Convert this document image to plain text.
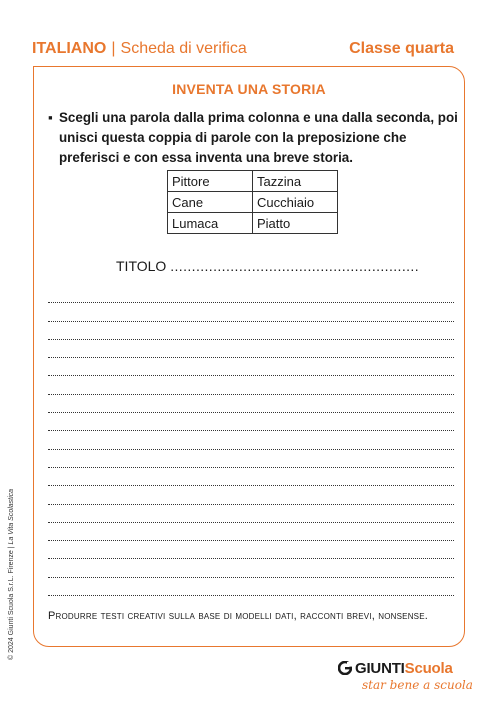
ITALIANO | Scheda di verifica	Classe quarta
INVENTA UNA STORIA
▪ Scegli una parola dalla prima colonna e una dalla seconda, poi unisci questa coppia di parole con la preposizione che preferisci e con essa inventa una breve storia.
Pittore	Tazzina
Cane	Cucchiaio
Lumaca	Piatto
TITOLO ..........................................................
Produrre testi creativi sulla base di modelli dati, racconti brevi, nonsense.
© 2024 Giunti Scuola S.r.L. Firenze | La Vita Scolastica
GIUNTIScuola
star bene a scuola
